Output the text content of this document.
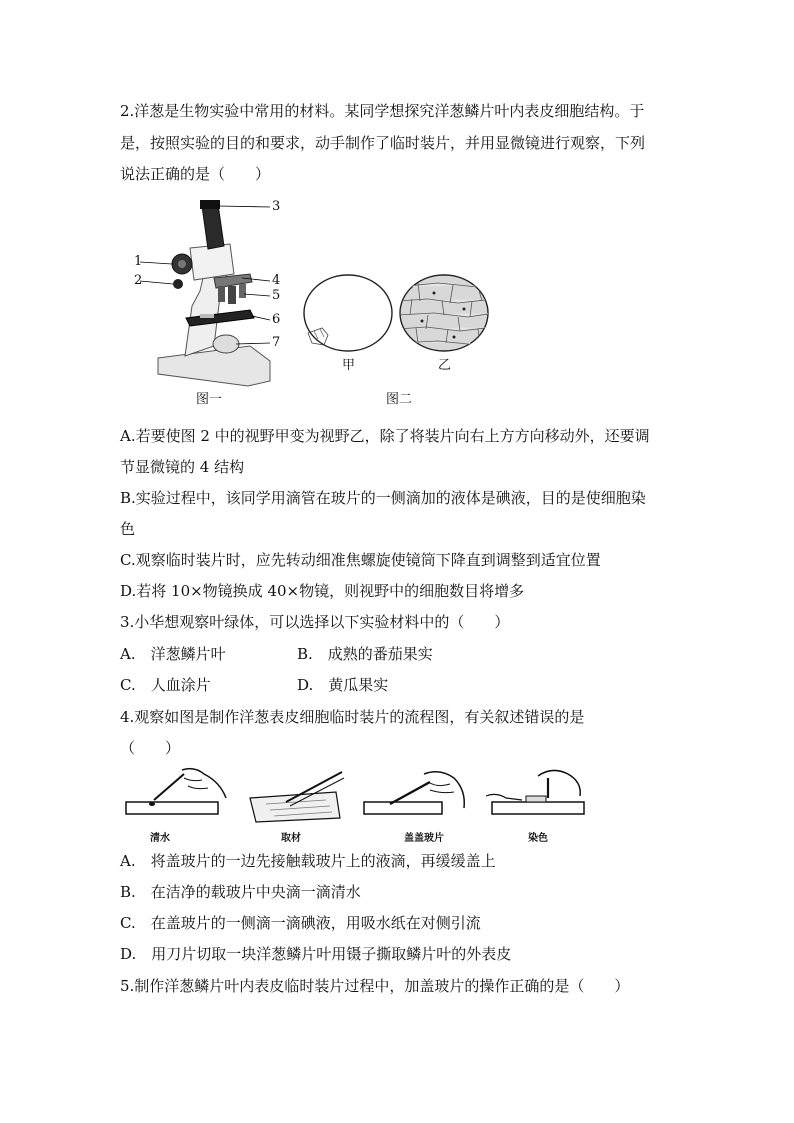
2.洋葱是生物实验中常用的材料。某同学想探究洋葱鳞片叶内表皮细胞结构。于
是，按照实验的目的和要求，动手制作了临时装片，并用显微镜进行观察，下列
说法正确的是（　　）
1
2
3
4
5
6
7
图一
甲	乙
图二
A.若要使图 2 中的视野甲变为视野乙，除了将装片向右上方方向移动外，还要调
节显微镜的 4 结构
B.实验过程中，该同学用滴管在玻片的一侧滴加的液体是碘液，目的是使细胞染
色
C.观察临时装片时，应先转动细准焦螺旋使镜筒下降直到调整到适宜位置
D.若将 10×物镜换成 40×物镜，则视野中的细胞数目将增多
3.小华想观察叶绿体，可以选择以下实验材料中的（　　）
A.　洋葱鳞片叶	B.　成熟的番茄果实
C.　人血涂片	D.　黄瓜果实
4.观察如图是制作洋葱表皮细胞临时装片的流程图，有关叙述错误的是
（　　）
清水	取材	盖盖玻片	染色
A.　将盖玻片的一边先接触载玻片上的液滴，再缓缓盖上
B.　在洁净的载玻片中央滴一滴清水
C.　在盖玻片的一侧滴一滴碘液，用吸水纸在对侧引流
D.　用刀片切取一块洋葱鳞片叶用镊子撕取鳞片叶的外表皮
5.制作洋葱鳞片叶内表皮临时装片过程中，加盖玻片的操作正确的是（　　）
